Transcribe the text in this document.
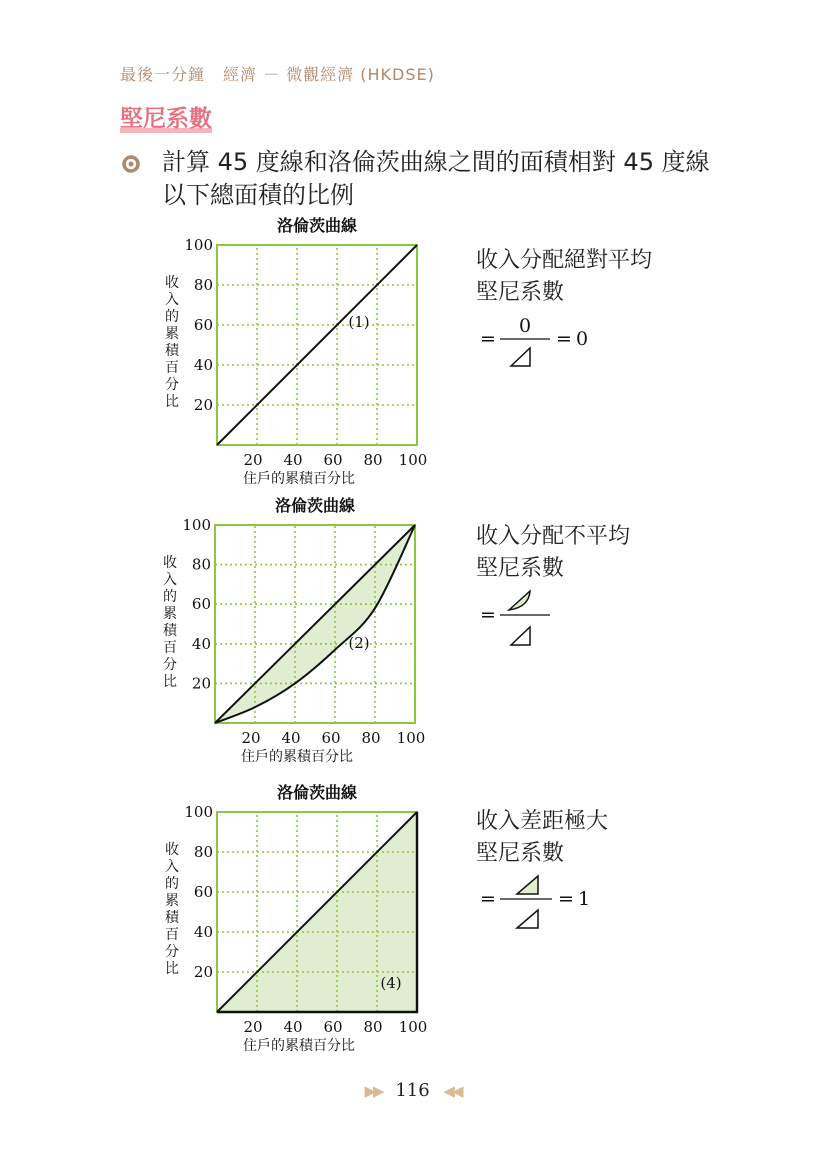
最後一分鐘 經濟 － 微觀經濟 (HKDSE)
堅尼系數
計算 45 度線和洛倫茨曲線之間的面積相對 45 度線
以下總面積的比例
洛倫茨曲線
20 40 60 80 100
20
40
60
80
100
住戶的累積百分比
收入的累積百分比
(1)
洛倫茨曲線
20 40 60 80 100
20
40
60
80
100
住戶的累積百分比
收入的累積百分比
(2)
洛倫茨曲線
20 40 60 80 100
20
40
60
80
100
住戶的累積百分比
收入的累積百分比
(4)
=
0
= 0
=
=	= 1
收入分配絕對平均
堅尼系數
收入分配不平均
堅尼系數
收入差距極大
堅尼系數
▶▶ 116 ◀◀
